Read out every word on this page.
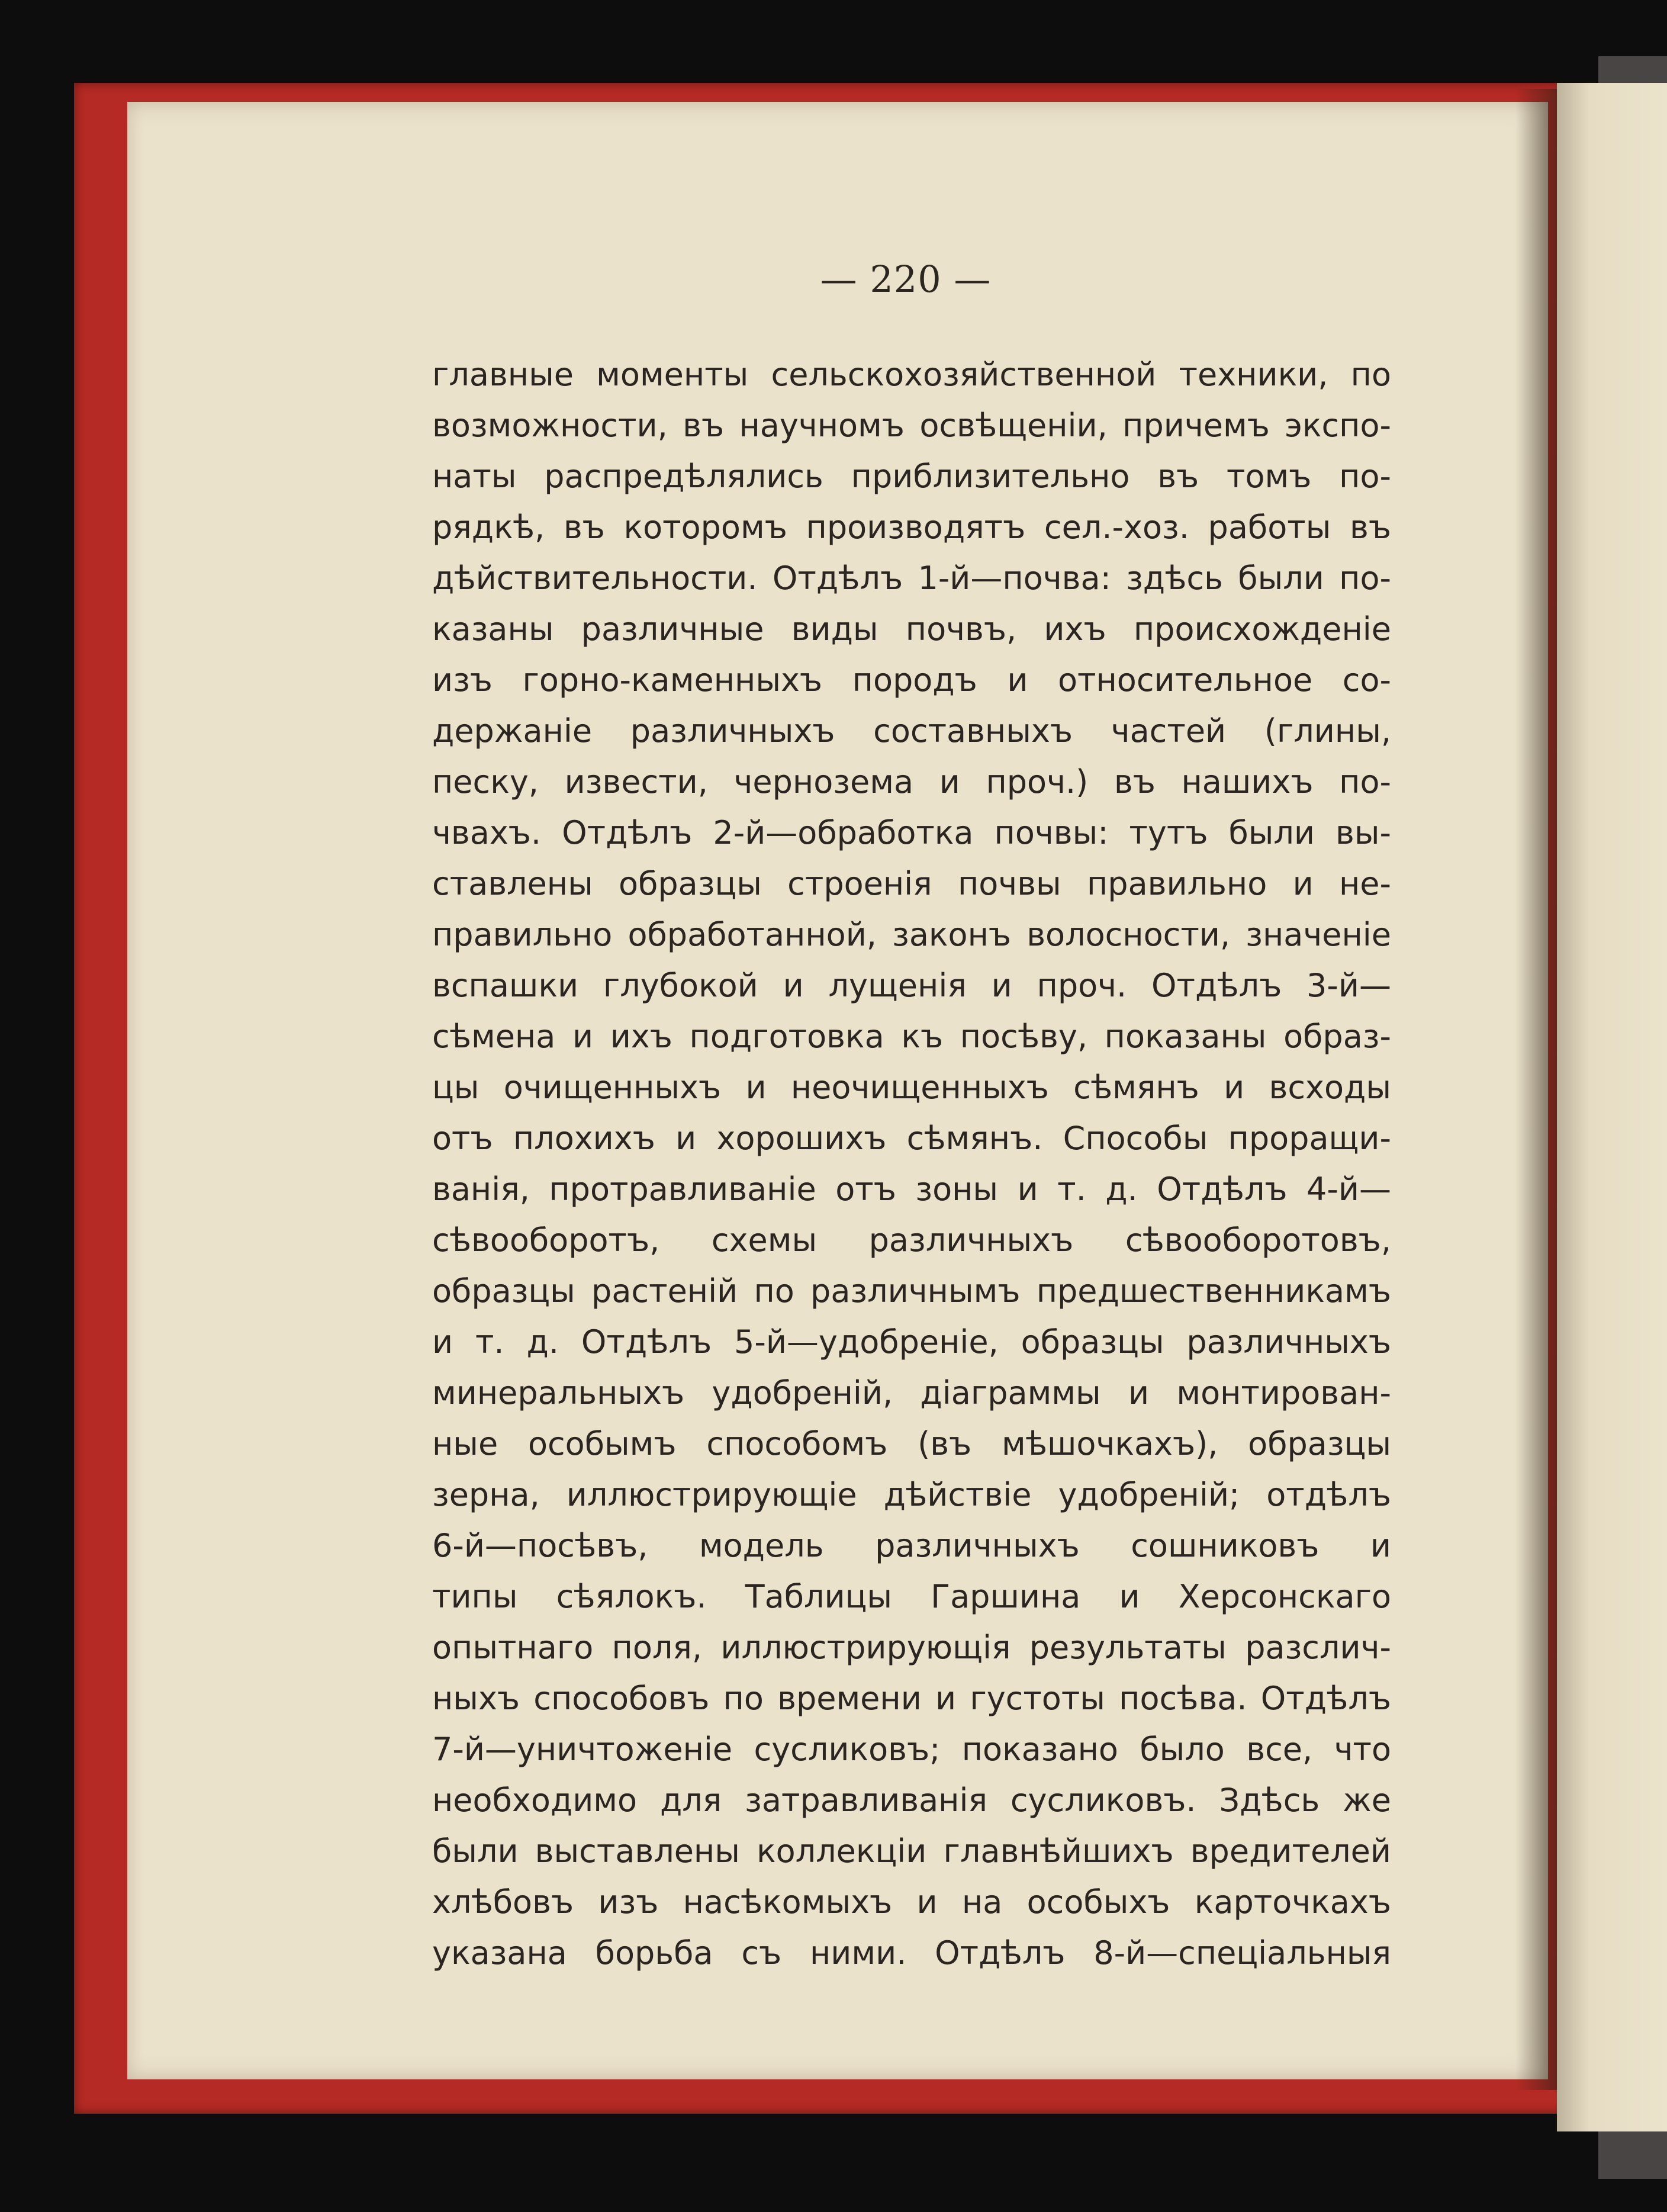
— 220 —
главные моменты сельскохозяйственной техники, по
возможности, въ научномъ освѣщенiи, причемъ экспо-
наты распредѣлялись приблизительно въ томъ по-
рядкѣ, въ которомъ производятъ сел.-хоз. работы въ
дѣйствительности. Отдѣлъ 1-й—почва: здѣсь были по-
казаны различные виды почвъ, ихъ происхожденiе
изъ горно-каменныхъ породъ и относительное со-
держанiе различныхъ составныхъ частей (глины,
песку, извести, чернозема и проч.) въ нашихъ по-
чвахъ. Отдѣлъ 2-й—обработка почвы: тутъ были вы-
ставлены образцы строенiя почвы правильно и не-
правильно обработанной, законъ волосности, значенiе
вспашки глубокой и лущенiя и проч. Отдѣлъ 3-й—
сѣмена и ихъ подготовка къ посѣву, показаны образ-
цы очищенныхъ и неочищенныхъ сѣмянъ и всходы
отъ плохихъ и хорошихъ сѣмянъ. Способы проращи-
ванiя, протравливанiе отъ зоны и т. д. Отдѣлъ 4-й—
сѣвооборотъ, схемы различныхъ сѣвооборотовъ,
образцы растенiй по различнымъ предшественникамъ
и т. д. Отдѣлъ 5-й—удобренiе, образцы различныхъ
минеральныхъ удобренiй, дiаграммы и монтирован-
ные особымъ способомъ (въ мѣшочкахъ), образцы
зерна, иллюстрирующiе дѣйствiе удобренiй; отдѣлъ
6-й—посѣвъ, модель различныхъ сошниковъ и
типы сѣялокъ. Таблицы Гаршина и Херсонскаго
опытнаго поля, иллюстрирующiя результаты разслич-
ныхъ способовъ по времени и густоты посѣва. Отдѣлъ
7-й—уничтоженiе сусликовъ; показано было все, что
необходимо для затравливанiя сусликовъ. Здѣсь же
были выставлены коллекцiи главнѣйшихъ вредителей
хлѣбовъ изъ насѣкомыхъ и на особыхъ карточкахъ
указана борьба съ ними. Отдѣлъ 8-й—спецiальныя
